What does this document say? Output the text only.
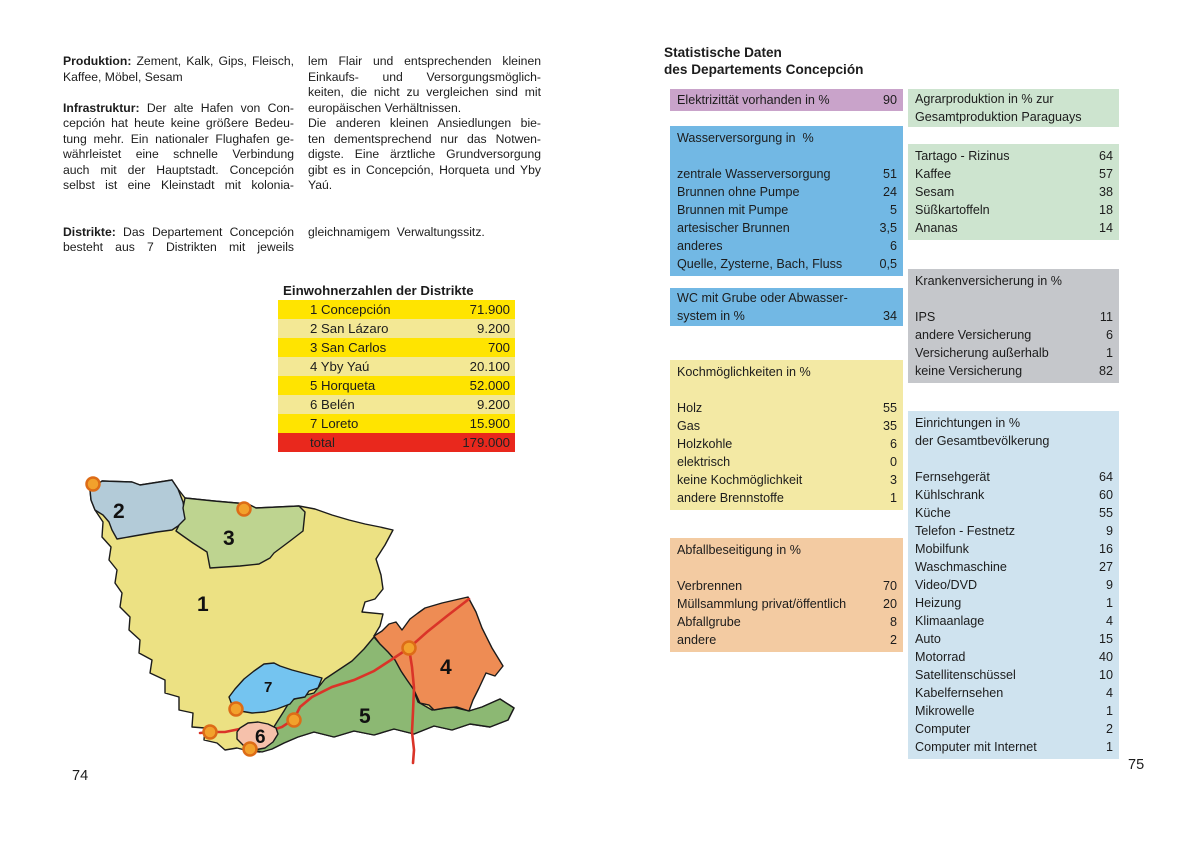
Produktion: Zement, Kalk, Gips, Fleisch,
Kaffee, Möbel, Sesam
Infrastruktur: Der alte Hafen von Con-
cepción hat heute keine größere Bedeu-
tung mehr. Ein nationaler Flughafen ge-
währleistet eine schnelle Verbindung
auch mit der Hauptstadt. Concepción
selbst ist eine Kleinstadt mit kolonia-
Distrikte: Das Departement Concepción
besteht aus 7 Distrikten mit jeweils
lem Flair und entsprechenden kleinen
Einkaufs- und Versorgungsmöglich-
keiten, die nicht zu vergleichen sind mit
europäischen Verhältnissen.
Die anderen kleinen Ansiedlungen bie-
ten dementsprechend nur das Notwen-
digste. Eine ärztliche Grundversorgung
gibt es in Concepción, Horqueta und Yby
Yaú.
gleichnamigem  Verwaltungssitz.
Einwohnerzahlen der Distrikte
1 Concepción	71.900
2 San Lázaro	9.200
3 San Carlos	700
4 Yby Yaú	20.100
5 Horqueta	52.000
6 Belén	9.200
7 Loreto	15.900
total	179.000
1
2
3
4
5
6
7
74
Statistische Daten
des Departements Concepción
Elektrizittät vorhanden in %	90
Wasserversorgung in  %
zentrale Wasserversorgung	51
Brunnen ohne Pumpe	24
Brunnen mit Pumpe	5
artesischer Brunnen	3,5
anderes	6
Quelle, Zysterne, Bach, Fluss	0,5
WC mit Grube oder Abwasser-
system in %	34
Kochmöglichkeiten in %
Holz	55
Gas	35
Holzkohle	6
elektrisch	0
keine Kochmöglichkeit	3
andere Brennstoffe	1
Abfallbeseitigung in %
Verbrennen	70
Müllsammlung privat/öffentlich	20
Abfallgrube	8
andere	2
Agrarproduktion in % zur
Gesamtproduktion Paraguays
Tartago - Rizinus	64
Kaffee	57
Sesam	38
Süßkartoffeln	18
Ananas	14
Krankenversicherung in %
IPS	11
andere Versicherung	6
Versicherung außerhalb	1
keine Versicherung	82
Einrichtungen in %
der Gesamtbevölkerung
Fernsehgerät	64
Kühlschrank	60
Küche	55
Telefon - Festnetz	9
Mobilfunk	16
Waschmaschine	27
Video/DVD	9
Heizung	1
Klimaanlage	4
Auto	15
Motorrad	40
Satellitenschüssel	10
Kabelfernsehen	4
Mikrowelle	1
Computer	2
Computer mit Internet	1
75
